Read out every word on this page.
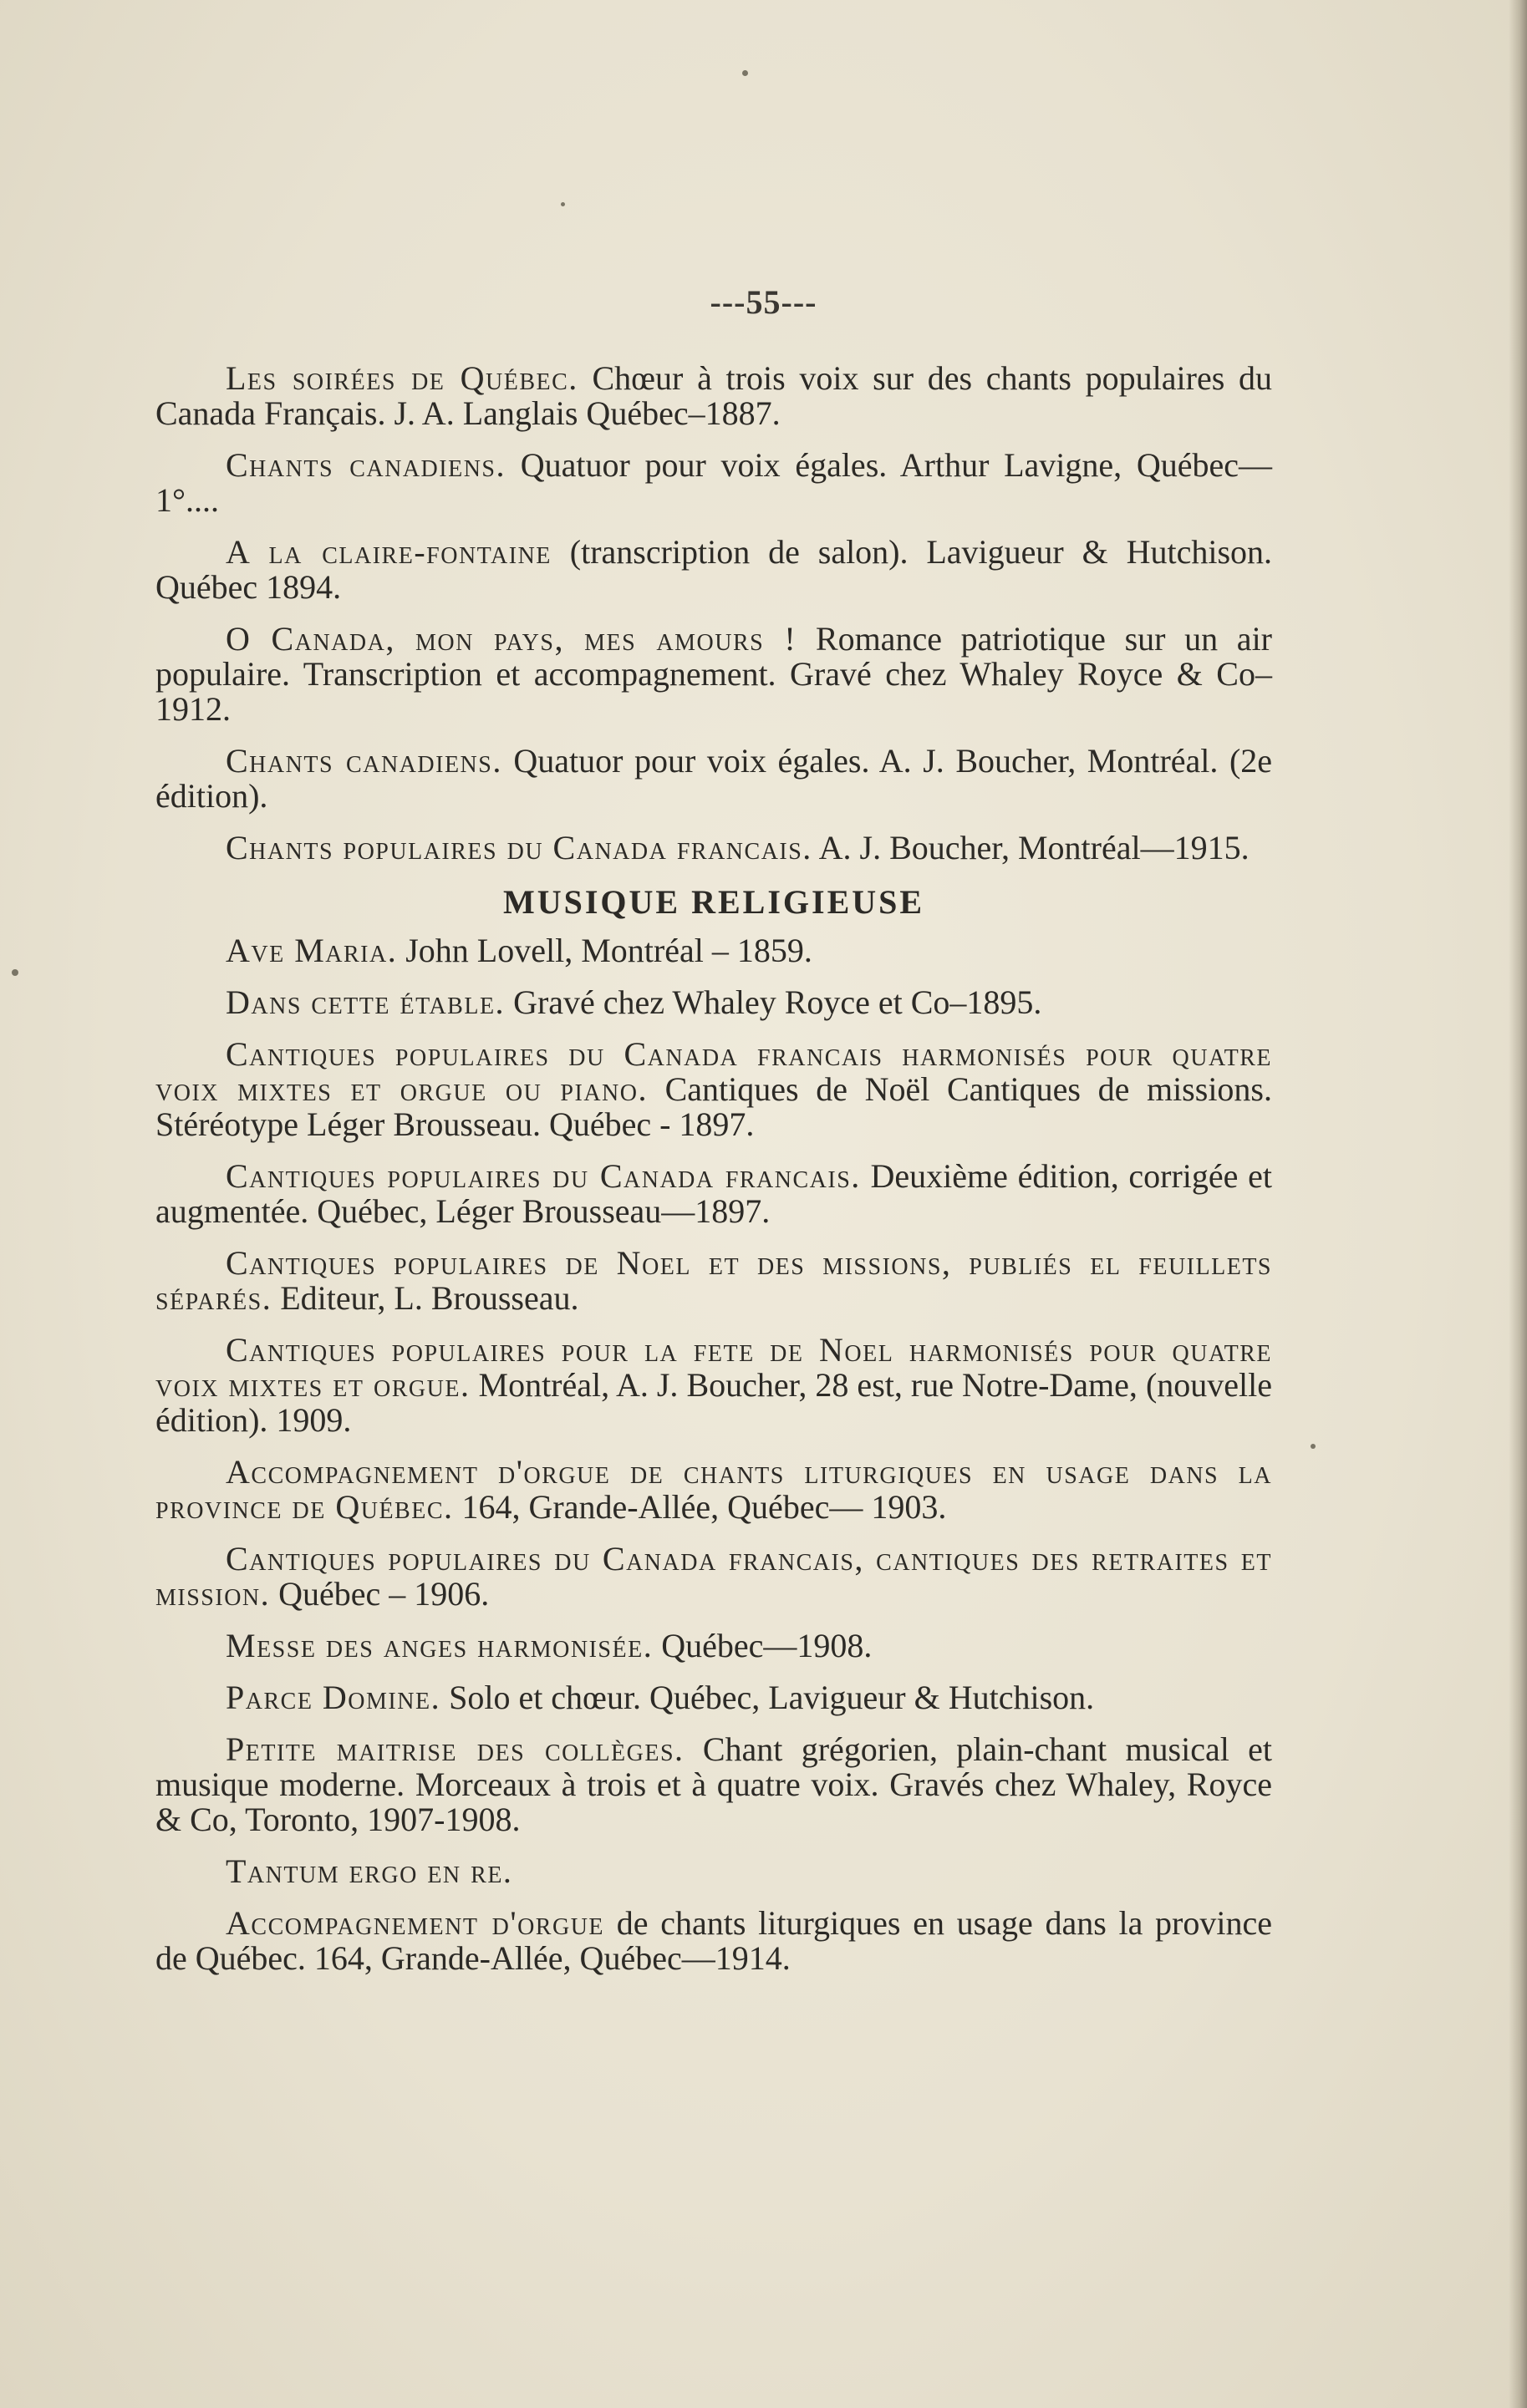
---55---

Les soirées de Québec. Chœur à trois voix sur des chants populaires du Canada Français. J. A. Langlais Québec–1887.

Chants canadiens. Quatuor pour voix égales. Arthur Lavigne, Québec—1°....

A la claire-fontaine (transcription de salon). Lavigueur & Hutchison. Québec 1894.

O Canada, mon pays, mes amours ! Romance patriotique sur un air populaire. Transcription et accompagnement. Gravé chez Whaley Royce & Co–1912.

Chants canadiens. Quatuor pour voix égales. A. J. Boucher, Montréal. (2e édition).

Chants populaires du Canada francais. A. J. Boucher, Montréal—1915.

MUSIQUE RELIGIEUSE

Ave Maria. John Lovell, Montréal – 1859.

Dans cette étable. Gravé chez Whaley Royce et Co–1895.

Cantiques populaires du Canada francais harmonisés pour quatre voix mixtes et orgue ou piano. Cantiques de Noël Cantiques de missions. Stéréotype Léger Brousseau. Québec - 1897.

Cantiques populaires du Canada francais. Deuxième édition, corrigée et augmentée. Québec, Léger Brousseau—1897.

Cantiques populaires de Noel et des missions, publiés el feuillets séparés. Editeur, L. Brousseau.

Cantiques populaires pour la fete de Noel harmonisés pour quatre voix mixtes et orgue. Montréal, A. J. Boucher, 28 est, rue Notre-Dame, (nouvelle édition). 1909.

Accompagnement d'orgue de chants liturgiques en usage dans la province de Québec. 164, Grande-Allée, Québec— 1903.

Cantiques populaires du Canada francais, cantiques des retraites et mission. Québec – 1906.

Messe des anges harmonisée. Québec—1908.

Parce Domine. Solo et chœur. Québec, Lavigueur & Hutchison.

Petite maitrise des collèges. Chant grégorien, plain-chant musical et musique moderne. Morceaux à trois et à quatre voix. Gravés chez Whaley, Royce & Co, Toronto, 1907-1908.

Tantum ergo en re.

Accompagnement d'orgue de chants liturgiques en usage dans la province de Québec. 164, Grande-Allée, Québec—1914.
